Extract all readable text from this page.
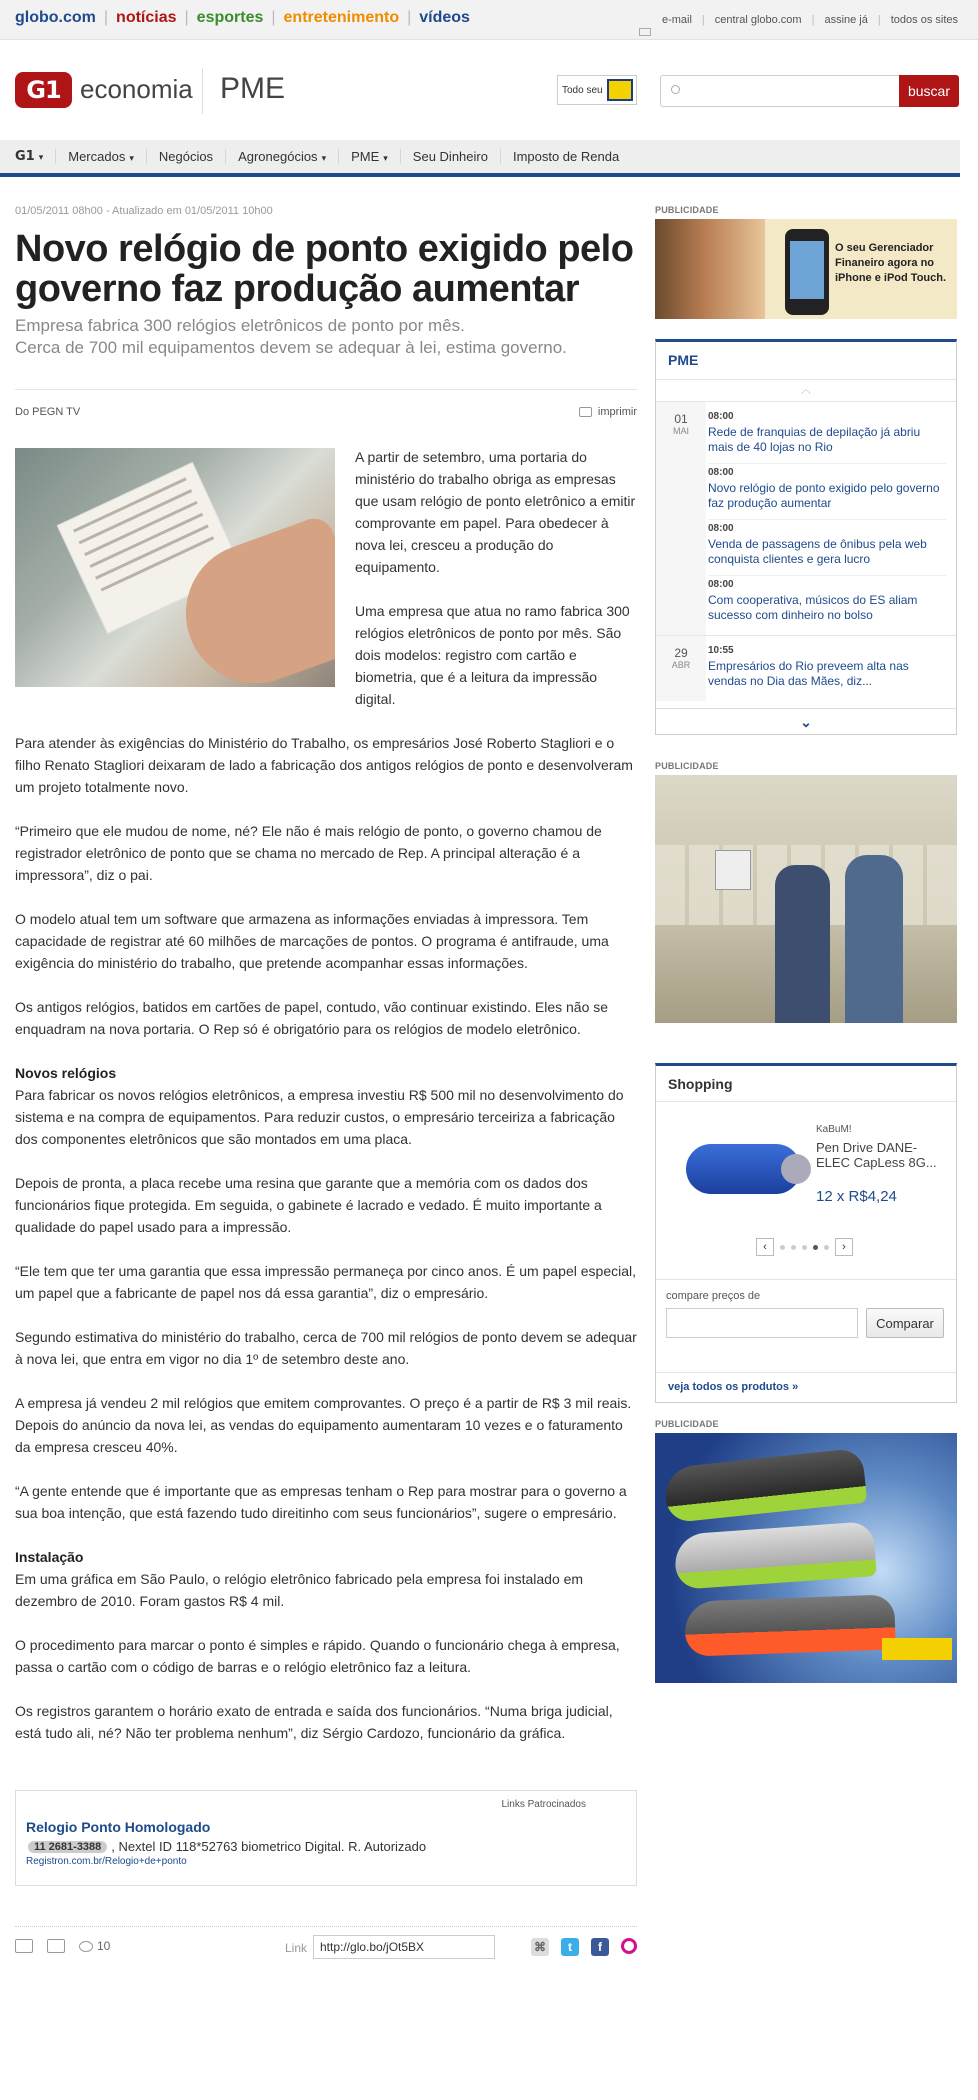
globo.com | notícias | esportes | entretenimento | vídeos	e-mail | central globo.com | assine já | todos os sites
G1 economia PME	Todo seu	buscar
G1 ▾	Mercados ▾	Negócios	Agronegócios ▾	PME ▾	Seu Dinheiro	Imposto de Renda
01/05/2011 08h00 - Atualizado em 01/05/2011 10h00
Novo relógio de ponto exigido pelo governo faz produção aumentar
Empresa fabrica 300 relógios eletrônicos de ponto por mês.
Cerca de 700 mil equipamentos devem se adequar à lei, estima governo.
Do PEGN TV	imprimir

A partir de setembro, uma portaria do ministério do trabalho obriga as empresas que usam relógio de ponto eletrônico a emitir comprovante em papel. Para obedecer à nova lei, cresceu a produção do equipamento.

Uma empresa que atua no ramo fabrica 300 relógios eletrônicos de ponto por mês. São dois modelos: registro com cartão e biometria, que é a leitura da impressão digital.

Para atender às exigências do Ministério do Trabalho, os empresários José Roberto Stagliori e o filho Renato Stagliori deixaram de lado a fabricação dos antigos relógios de ponto e desenvolveram um projeto totalmente novo.

“Primeiro que ele mudou de nome, né? Ele não é mais relógio de ponto, o governo chamou de registrador eletrônico de ponto que se chama no mercado de Rep. A principal alteração é a impressora”, diz o pai.

O modelo atual tem um software que armazena as informações enviadas à impressora. Tem capacidade de registrar até 60 milhões de marcações de pontos. O programa é antifraude, uma exigência do ministério do trabalho, que pretende acompanhar essas informações.

Os antigos relógios, batidos em cartões de papel, contudo, vão continuar existindo. Eles não se enquadram na nova portaria. O Rep só é obrigatório para os relógios de modelo eletrônico.

Novos relógios

Para fabricar os novos relógios eletrônicos, a empresa investiu R$ 500 mil no desenvolvimento do sistema e na compra de equipamentos. Para reduzir custos, o empresário terceiriza a fabricação dos componentes eletrônicos que são montados em uma placa.

Depois de pronta, a placa recebe uma resina que garante que a memória com os dados dos funcionários fique protegida. Em seguida, o gabinete é lacrado e vedado. É muito importante a qualidade do papel usado para a impressão.

“Ele tem que ter uma garantia que essa impressão permaneça por cinco anos. É um papel especial, um papel que a fabricante de papel nos dá essa garantia”, diz o empresário.

Segundo estimativa do ministério do trabalho, cerca de 700 mil relógios de ponto devem se adequar à nova lei, que entra em vigor no dia 1º de setembro deste ano.

A empresa já vendeu 2 mil relógios que emitem comprovantes. O preço é a partir de R$ 3 mil reais. Depois do anúncio da nova lei, as vendas do equipamento aumentaram 10 vezes e o faturamento da empresa cresceu 40%.

“A gente entende que é importante que as empresas tenham o Rep para mostrar para o governo a sua boa intenção, que está fazendo tudo direitinho com seus funcionários”, sugere o empresário.

Instalação

Em uma gráfica em São Paulo, o relógio eletrônico fabricado pela empresa foi instalado em dezembro de 2010. Foram gastos R$ 4 mil.

O procedimento para marcar o ponto é simples e rápido. Quando o funcionário chega à empresa, passa o cartão com o código de barras e o relógio eletrônico faz a leitura.

Os registros garantem o horário exato de entrada e saída dos funcionários. “Numa briga judicial, está tudo ali, né? Não ter problema nenhum”, diz Sérgio Cardozo, funcionário da gráfica.

Links Patrocinados
Relogio Ponto Homologado
11 2681-3388 , Nextel ID 118*52763 biometrico Digital. R. Autorizado
Registron.com.br/Relogio+de+ponto
10	Link	http://glo.bo/jOt5BX	⌘	t	f
PUBLICIDADE
O seu Gerenciador Finaneiro agora no iPhone e iPod Touch.
PME
︿
01
MAI
08:00
Rede de franquias de depilação já abriu mais de 40 lojas no Rio
08:00
Novo relógio de ponto exigido pelo governo faz produção aumentar
08:00
Venda de passagens de ônibus pela web conquista clientes e gera lucro
08:00
Com cooperativa, músicos do ES aliam sucesso com dinheiro no bolso
29
ABR
10:55
Empresários do Rio preveem alta nas vendas no Dia das Mães, diz...
⌄
PUBLICIDADE
Shopping
KaBuM!
Pen Drive DANE-ELEC CapLess 8G...
12 x R$4,24
‹	›
compare preços de
Comparar
veja todos os produtos »
PUBLICIDADE
